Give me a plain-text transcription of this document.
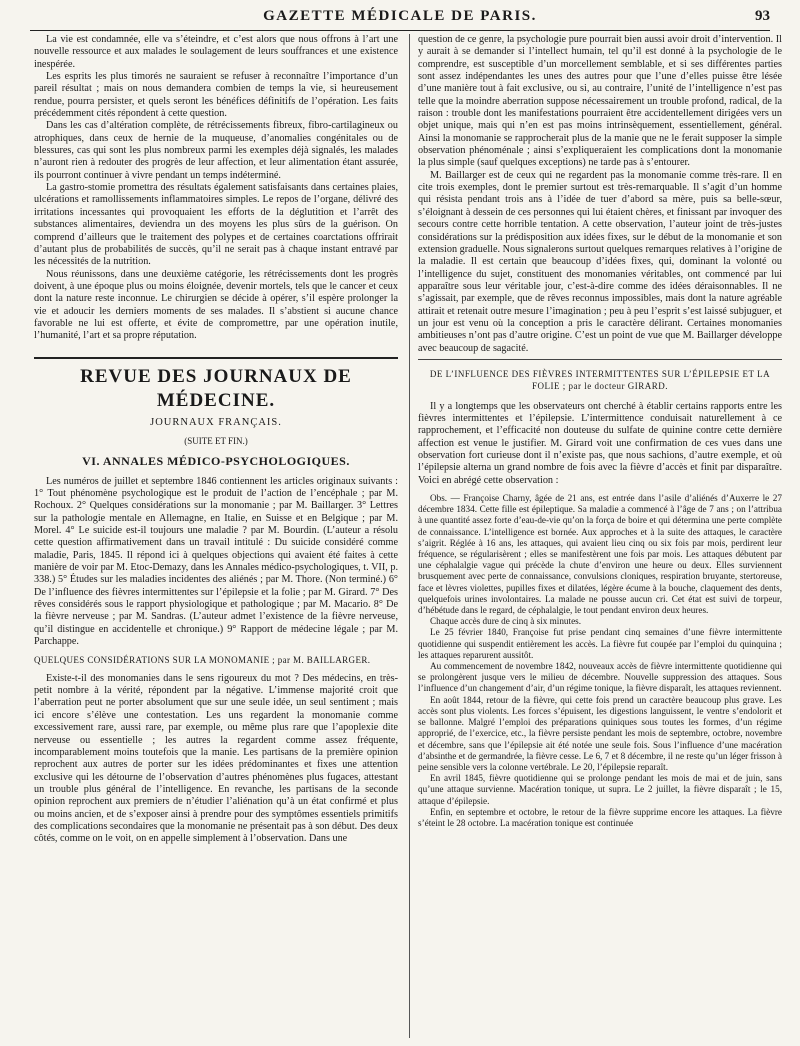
GAZETTE MÉDICALE DE PARIS.	93

La vie est condamnée, elle va s’éteindre, et c’est alors que nous offrons à l’art une nouvelle ressource et aux malades le soulagement de leurs souffrances et une existence inespérée.

Les esprits les plus timorés ne sauraient se refuser à reconnaître l’importance d’un pareil résultat ; mais on nous demandera combien de temps la vie, si heureusement rendue, pourra persister, et quels seront les bénéfices définitifs de l’opération. Les faits précédemment cités répondent à cette question.

Dans les cas d’altération complète, de rétrécissements fibreux, fibro-cartilagineux ou atrophiques, dans ceux de hernie de la muqueuse, d’anomalies congénitales ou de blessures, cas qui sont les plus nombreux parmi les exemples déjà signalés, les malades n’auront rien à redouter des progrès de leur affection, et leur alimentation étant assurée, ils pourront continuer à vivre pendant un temps indéterminé.

La gastro-stomie promettra des résultats également satisfaisants dans certaines plaies, ulcérations et ramollissements inflammatoires simples. Le repos de l’organe, délivré des irritations incessantes qui provoquaient les efforts de la déglutition et l’arrêt des substances alimentaires, deviendra un des moyens les plus sûrs de la guérison. On comprend d’ailleurs que le traitement des polypes et de certaines coarctations offrirait d’autant plus de probabilités de succès, qu’il ne serait pas à chaque instant entravé par les nécessités de la nutrition.

Nous réunissons, dans une deuxième catégorie, les rétrécissements dont les progrès doivent, à une époque plus ou moins éloignée, devenir mortels, tels que le cancer et ceux dont la nature reste inconnue. Le chirurgien se décide à opérer, s’il espère prolonger la vie et adoucir les derniers moments de ses malades. Il s’abstient si aucune chance favorable ne lui est offerte, et évite de compromettre, par une opération inutile, l’humanité, l’art et sa propre réputation.

REVUE DES JOURNAUX DE MÉDECINE.
JOURNAUX FRANÇAIS.
(SUITE ET FIN.)
VI. ANNALES MÉDICO-PSYCHOLOGIQUES.

Les numéros de juillet et septembre 1846 contiennent les articles originaux suivants : 1° Tout phénomène psychologique est le produit de l’action de l’encéphale ; par M. Rochoux. 2° Quelques considérations sur la monomanie ; par M. Baillarger. 3° Lettres sur la pathologie mentale en Allemagne, en Italie, en Suisse et en Belgique ; par M. Morel. 4° Le suicide est-il toujours une maladie ? par M. Bourdin. (L’auteur a résolu cette question affirmativement dans un travail intitulé : Du suicide considéré comme maladie, Paris, 1845. Il répond ici à quelques objections qui avaient été faites à cette manière de voir par M. Etoc-Demazy, dans les Annales médico-psychologiques, t. VII, p. 338.) 5° Études sur les maladies incidentes des aliénés ; par M. Thore. (Non terminé.) 6° De l’influence des fièvres intermittentes sur l’épilepsie et la folie ; par M. Girard. 7° Des rêves considérés sous le rapport physiologique et pathologique ; par M. Macario. 8° De la fièvre nerveuse ; par M. Sandras. (L’auteur admet l’existence de la fièvre nerveuse, qu’il distingue en accidentelle et chronique.) 9° Rapport de médecine légale ; par M. Parchappe.

QUELQUES CONSIDÉRATIONS SUR LA MONOMANIE ; par M. BAILLARGER.

Existe-t-il des monomanies dans le sens rigoureux du mot ? Des médecins, en très-petit nombre à la vérité, répondent par la négative. L’immense majorité croit que l’aberration peut ne porter absolument que sur une seule idée, un seul sentiment ; mais ici encore s’élève une contestation. Les uns regardent la monomanie comme excessivement rare, aussi rare, par exemple, ou même plus rare que l’apoplexie dite nerveuse ou essentielle ; les autres la regardent comme assez fréquente, incomparablement moins toutefois que la manie. Les partisans de la première opinion reprochent aux autres de porter sur les idées prédominantes et fixes une attention exclusive qui les détourne de l’observation d’autres phénomènes plus fugaces, attestant un trouble plus général de l’intelligence. En revanche, les partisans de la seconde opinion reprochent aux premiers de n’étudier l’aliénation qu’à un état confirmé et plus ou moins ancien, et de s’exposer ainsi à prendre pour des symptômes essentiels primitifs des complications secondaires que la monomanie ne présentait pas à son début. Des deux côtés, comme on le voit, on en appelle simplement à l’observation. Dans une

question de ce genre, la psychologie pure pourrait bien aussi avoir droit d’intervention. Il y aurait à se demander si l’intellect humain, tel qu’il est donné à la psychologie de le comprendre, est susceptible d’un morcellement semblable, et si ses différentes parties sont assez indépendantes les unes des autres pour que l’une d’elles puisse être lésée d’une manière tout à fait exclusive, ou si, au contraire, l’unité de l’intelligence n’est pas telle que la moindre aberration suppose nécessairement un trouble profond, radical, de la raison : trouble dont les manifestations pourraient être accidentellement dirigées vers un objet unique, mais qui n’en est pas moins intrinsèquement, essentiellement, général. Ainsi la monomanie se rapprocherait plus de la manie que ne le ferait supposer la simple observation phénoménale ; ainsi s’expliqueraient les complications dont la monomanie la plus simple (sauf quelques exceptions) ne tarde pas à s’entourer.

M. Baillarger est de ceux qui ne regardent pas la monomanie comme très-rare. Il en cite trois exemples, dont le premier surtout est très-remarquable. Il s’agit d’un homme qui résista pendant trois ans à l’idée de tuer d’abord sa mère, puis sa belle-sœur, s’éloignant à dessein de ces personnes qui lui étaient chères, et finissant par invoquer des secours contre cette horrible tentation. A cette observation, l’auteur joint de très-justes considérations sur la prédisposition aux idées fixes, sur le début de la monomanie et son extension graduelle. Nous signalerons surtout quelques remarques relatives à l’origine de la maladie. Il est certain que beaucoup d’idées fixes, qui, dominant la volonté ou l’intelligence du sujet, constituent des monomanies véritables, ont commencé par lui apparaître sous leur véritable jour, c’est-à-dire comme des idées déraisonnables. Il ne s’agissait, par exemple, que de rêves reconnus impossibles, mais dont la nature agréable attirait et retenait outre mesure l’imagination ; peu à peu l’esprit s’est laissé subjuguer, et un jour est venu où la conception a pris le caractère délirant. Certaines monomanies ambitieuses n’ont pas d’autre origine. C’est un point de vue que M. Baillarger développe avec beaucoup de sagacité.

DE L’INFLUENCE DES FIÈVRES INTERMITTENTES SUR L’ÉPILEPSIE ET LA FOLIE ; par le docteur GIRARD.

Il y a longtemps que les observateurs ont cherché à établir certains rapports entre les fièvres intermittentes et l’épilepsie. L’intermittence conduisait naturellement à ce rapprochement, et l’efficacité non douteuse du sulfate de quinine contre cette dernière affection est venue le justifier. M. Girard voit une confirmation de ces vues dans une observation fort curieuse dont il n’existe pas, que nous sachions, d’autre exemple, et où l’épilepsie alterna un grand nombre de fois avec la fièvre d’accès et finit par disparaître. Voici en abrégé cette observation :

Obs. — Françoise Charny, âgée de 21 ans, est entrée dans l’asile d’aliénés d’Auxerre le 27 décembre 1834. Cette fille est épileptique. Sa maladie a commencé à l’âge de 7 ans ; on l’attribua à une quantité assez forte d’eau-de-vie qu’on la força de boire et qui détermina une perte complète de connaissance. L’intelligence est bornée. Aux approches et à la suite des attaques, le caractère s’aigrit. Réglée à 16 ans, les attaques, qui avaient lieu cinq ou six fois par mois, perdirent leur fréquence, se régularisèrent ; elles se manifestèrent une fois par mois. Les attaques débutent par une céphalalgie vague qui précède la chute d’environ une heure ou deux. Elles surviennent brusquement avec perte de connaissance, convulsions cloniques, respiration bruyante, stertoreuse, face et lèvres violettes, pupilles fixes et dilatées, légère écume à la bouche, claquement des dents, quelquefois urines involontaires. La malade ne pousse aucun cri. Cet état est suivi de torpeur, d’hébétude dans le regard, de céphalalgie, le tout pendant environ deux heures.

Chaque accès dure de cinq à six minutes.

Le 25 février 1840, Françoise fut prise pendant cinq semaines d’une fièvre intermittente quotidienne qui suspendit entièrement les accès. La fièvre fut coupée par l’emploi du quinquina ; les attaques reparurent aussitôt.

Au commencement de novembre 1842, nouveaux accès de fièvre intermittente quotidienne qui se prolongèrent jusque vers le milieu de décembre. Nouvelle suppression des attaques. Sous l’influence d’un changement d’air, d’un régime tonique, la fièvre disparaît, les attaques reviennent.

En août 1844, retour de la fièvre, qui cette fois prend un caractère beaucoup plus grave. Les accès sont plus violents. Les forces s’épuisent, les digestions languissent, le ventre s’endolorit et se ballonne. Malgré l’emploi des préparations quiniques sous toutes les formes, d’un régime approprié, de l’exercice, etc., la fièvre persiste pendant les mois de septembre, octobre, novembre et décembre, sans que l’épilepsie ait été notée une seule fois. Sous l’influence d’une macération d’absinthe et de germandrée, la fièvre cesse. Le 6, 7 et 8 décembre, il ne reste qu’un léger frisson à peine sensible vers la colonne vertébrale. Le 20, l’épilepsie reparaît.

En avril 1845, fièvre quotidienne qui se prolonge pendant les mois de mai et de juin, sans qu’une attaque survienne. Macération tonique, ut supra. Le 2 juillet, la fièvre disparaît ; le 15, attaque d’épilepsie.

Enfin, en septembre et octobre, le retour de la fièvre supprime encore les attaques. La fièvre s’éteint le 28 octobre. La macération tonique est continuée
